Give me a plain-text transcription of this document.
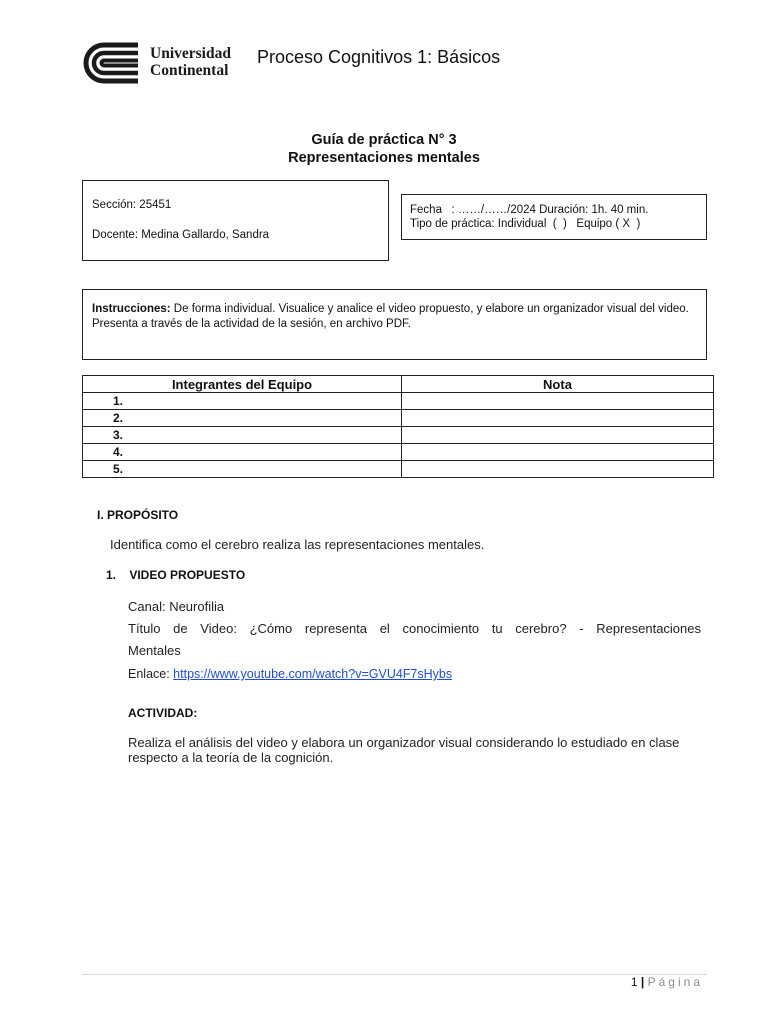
Universidad
Continental
Proceso Cognitivos 1: Básicos
Guía de práctica N° 3
Representaciones mentales
Sección: 25451
Docente: Medina Gallardo, Sandra
Fecha   : ……/……/2024 Duración: 1h. 40 min.
Tipo de práctica: Individual  (  )   Equipo ( X  )
Instrucciones: De forma individual. Visualice y analice el video propuesto, y elabore un organizador visual del video.
Presenta a través de la actividad de la sesión, en archivo PDF.
Integrantes del Equipo	Nota
1.	
2.	
3.	
4.	
5.	
I. PROPÓSITO
Identifica como el cerebro realiza las representaciones mentales.
1.    VIDEO PROPUESTO
Canal: Neurofilia
Título de Video: ¿Cómo representa el conocimiento tu cerebro? - Representaciones
Mentales
Enlace: https://www.youtube.com/watch?v=GVU4F7sHybs
ACTIVIDAD:
Realiza el análisis del video y elabora un organizador visual considerando lo estudiado en clase respecto a la teoría de la cognición.
1 | Página
